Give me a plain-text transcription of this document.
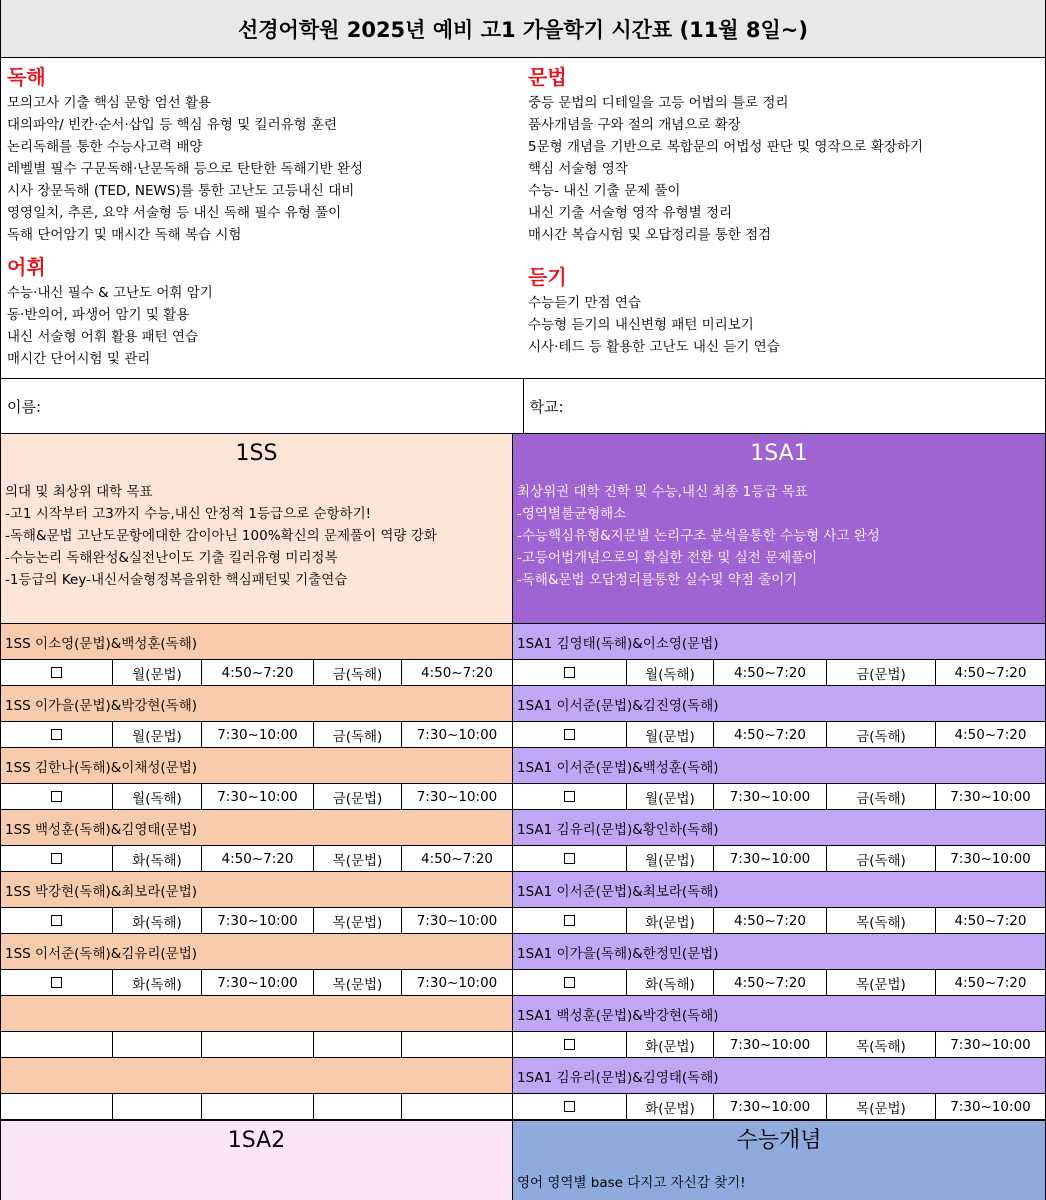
선경어학원 2025년 예비 고1 가을학기 시간표 (11월 8일~)
독해
모의고사 기출 핵심 문항 엄선 활용
대의파악/ 빈칸·순서·삽입 등 핵심 유형 및 킬러유형 훈련
논리독해를 통한 수능사고력 배양
레벨별 필수 구문독해·난문독해 등으로 탄탄한 독해기반 완성
시사 장문독해 (TED, NEWS)를 통한 고난도 고등내신 대비
영영일치, 추론, 요약 서술형 등 내신 독해 필수 유형 풀이
독해 단어암기 및 매시간 독해 복습 시험
어휘
수능·내신 필수 & 고난도 어휘 암기
동·반의어, 파생어 암기 및 활용
내신 서술형 어휘 활용 패턴 연습
매시간 단어시험 및 관리
문법
중등 문법의 디테일을 고등 어법의 틀로 정리
품사개념을 구와 절의 개념으로 확장
5문형 개념을 기반으로 복합문의 어법성 판단 및 영작으로 확장하기
핵심 서술형 영작
수능- 내신 기출 문제 풀이
내신 기출 서술형 영작 유형별 정리
매시간 복습시험 및 오답정리를 통한 점검
듣기
수능듣기 만점 연습
수능형 듣기의 내신변형 패턴 미리보기
시사·테드 등 활용한 고난도 내신 듣기 연습
이름:	학교:
1SS
의대 및 최상위 대학 목표
-고1 시작부터 고3까지 수능,내신 안정적 1등급으로 순항하기!
-독해&문법 고난도문항에대한 감이아닌 100%확신의 문제풀이 역량 강화
-수능논리 독해완성&실전난이도 기출 킬러유형 미리정복
-1등급의 Key-내신서술형정복을위한 핵심패턴및 기출연습
1SS 이소영(문법)&백성훈(독해)
월(문법)	4:50~7:20	금(독해)	4:50~7:20
1SS 이가을(문법)&박강현(독해)
월(문법)	7:30~10:00	금(독해)	7:30~10:00
1SS 김한나(독해)&이채성(문법)
월(독해)	7:30~10:00	금(문법)	7:30~10:00
1SS 백성훈(독해)&김영태(문법)
화(독해)	4:50~7:20	목(문법)	4:50~7:20
1SS 박강현(독해)&최보라(문법)
화(독해)	7:30~10:00	목(문법)	7:30~10:00
1SS 이서준(독해)&김유리(문법)
화(독해)	7:30~10:00	목(문법)	7:30~10:00
1SA1
최상위권 대학 진학 및 수능,내신 최종 1등급 목표
-영역별불균형해소
-수능핵심유형&지문별 논리구조 분석을통한 수능형 사고 완성
-고등어법개념으로의 확실한 전환 및 실전 문제풀이
-독해&문법 오답정리를통한 실수및 약점 줄이기
1SA1 김영태(독해)&이소영(문법)
월(독해)	4:50~7:20	금(문법)	4:50~7:20
1SA1 이서준(문법)&김진영(독해)
월(문법)	4:50~7:20	금(독해)	4:50~7:20
1SA1 이서준(문법)&백성훈(독해)
월(문법)	7:30~10:00	금(독해)	7:30~10:00
1SA1 김유리(문법)&황인하(독해)
월(문법)	7:30~10:00	금(독해)	7:30~10:00
1SA1 이서준(문법)&최보라(독해)
화(문법)	4:50~7:20	목(독해)	4:50~7:20
1SA1 이가을(독해)&한정민(문법)
화(독해)	4:50~7:20	목(문법)	4:50~7:20
1SA1 백성훈(문법)&박강현(독해)
화(문법)	7:30~10:00	목(독해)	7:30~10:00
1SA1 김유리(문법)&김영태(독해)
화(문법)	7:30~10:00	목(문법)	7:30~10:00
1SA2	수능개념
영어 영역별 base 다지고 자신감 찾기!
